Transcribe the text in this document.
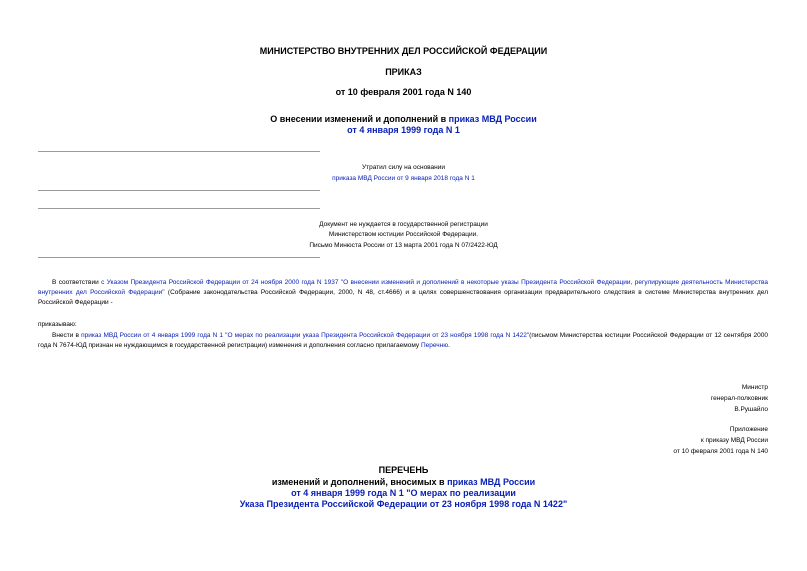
МИНИСТЕРСТВО ВНУТРЕННИХ ДЕЛ РОССИЙСКОЙ ФЕДЕРАЦИИ
ПРИКАЗ
от 10 февраля 2001 года N 140
О внесении изменений и дополнений в приказ МВД России
от 4 января 1999 года N 1
Утратил силу на основании
приказа МВД России от 9 января 2018 года N 1
Документ не нуждается в государственной регистрации
Министерством юстиции Российской Федерации.
Письмо Минюста России от 13 марта 2001 года N 07/2422-ЮД
В соответствии с Указом Президента Российской Федерации от 24 ноября 2000 года N 1937 "О внесении изменений и дополнений в некоторые указы Президента Российской Федерации, регулирующие деятельность Министерства внутренних дел Российской Федерации" (Собрание законодательства Российской Федерации, 2000, N 48, ст.4666) и в целях совершенствования организации предварительного следствия в системе Министерства внутренних дел Российской Федерации -
приказываю:
Внести в приказ МВД России от 4 января 1999 года N 1 "О мерах по реализации указа Президента Российской Федерации от 23 ноября 1998 года N 1422"(письмом Министерства юстиции Российской Федерации от 12 сентября 2000 года N 7674-ЮД признан не нуждающимся в государственной регистрации) изменения и дополнения согласно прилагаемому Перечню.
Министр
генерал-полковник
В.Рушайло
Приложение
к приказу МВД России
от 10 февраля 2001 года N 140
ПЕРЕЧЕНЬ
изменений и дополнений, вносимых в приказ МВД России
от 4 января 1999 года N 1 "О мерах по реализации
Указа Президента Российской Федерации от 23 ноября 1998 года N 1422"
